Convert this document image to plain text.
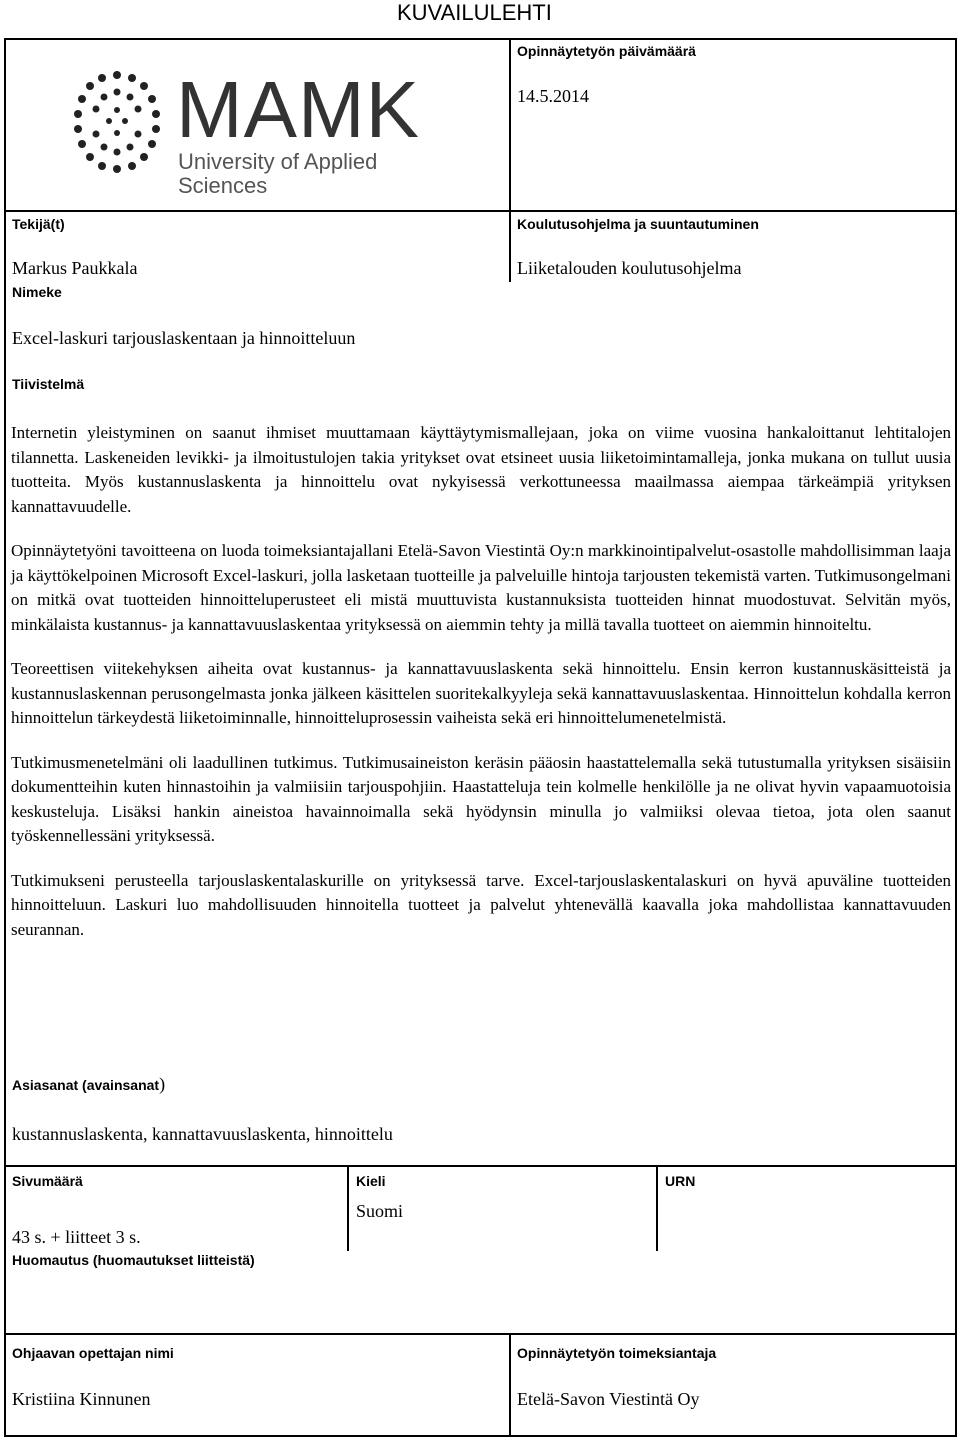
KUVAILULEHTI
MAMK
University of Applied Sciences
Opinnäytetyön päivämäärä
14.5.2014
Tekijä(t)
Markus Paukkala
Koulutusohjelma ja suuntautuminen
Liiketalouden koulutusohjelma
Nimeke
Excel-laskuri tarjouslaskentaan ja hinnoitteluun
Tiivistelmä

Internetin yleistyminen on saanut ihmiset muuttamaan käyttäytymismallejaan, joka on viime vuosina hankaloittanut lehtitalojen tilannetta. Laskeneiden levikki- ja ilmoitustulojen takia yritykset ovat etsineet uusia liiketoimintamalleja, jonka mukana on tullut uusia tuotteita. Myös kustannuslaskenta ja hinnoittelu ovat nykyisessä verkottuneessa maailmassa aiempaa tärkeämpiä yrityksen kannattavuudelle.

Opinnäytetyöni tavoitteena on luoda toimeksiantajallani Etelä-Savon Viestintä Oy:n markkinointipalvelut-osastolle mahdollisimman laaja ja käyttökelpoinen Microsoft Excel-laskuri, jolla lasketaan tuotteille ja palveluille hintoja tarjousten tekemistä varten. Tutkimusongelmani on mitkä ovat tuotteiden hinnoitteluperusteet eli mistä muuttuvista kustannuksista tuotteiden hinnat muodostuvat. Selvitän myös, minkälaista kustannus- ja kannattavuuslaskentaa yrityksessä on aiemmin tehty ja millä tavalla tuotteet on aiemmin hinnoiteltu.

Teoreettisen viitekehyksen aiheita ovat kustannus- ja kannattavuuslaskenta sekä hinnoittelu. Ensin kerron kustannuskäsitteistä ja kustannuslaskennan perusongelmasta jonka jälkeen käsittelen suoritekalkyyleja sekä kannattavuuslaskentaa. Hinnoittelun kohdalla kerron hinnoittelun tärkeydestä liiketoiminnalle, hinnoitteluprosessin vaiheista sekä eri hinnoittelumenetelmistä.

Tutkimusmenetelmäni oli laadullinen tutkimus. Tutkimusaineiston keräsin pääosin haastattelemalla sekä tutustumalla yrityksen sisäisiin dokumentteihin kuten hinnastoihin ja valmiisiin tarjouspohjiin. Haastatteluja tein kolmelle henkilölle ja ne olivat hyvin vapaamuotoisia keskusteluja. Lisäksi hankin aineistoa havainnoimalla sekä hyödynsin minulla jo valmiiksi olevaa tietoa, jota olen saanut työskennellessäni yrityksessä.

Tutkimukseni perusteella tarjouslaskentalaskurille on yrityksessä tarve. Excel-tarjouslaskentalaskuri on hyvä apuväline tuotteiden hinnoitteluun. Laskuri luo mahdollisuuden hinnoitella tuotteet ja palvelut yhtenevällä kaavalla joka mahdollistaa kannattavuuden seurannan.

Asiasanat (avainsanat)
kustannuslaskenta, kannattavuuslaskenta, hinnoittelu
Sivumäärä
43 s. + liitteet 3 s.
Kieli
Suomi
URN
Huomautus (huomautukset liitteistä)
Ohjaavan opettajan nimi
Kristiina Kinnunen
Opinnäytetyön toimeksiantaja
Etelä-Savon Viestintä Oy
